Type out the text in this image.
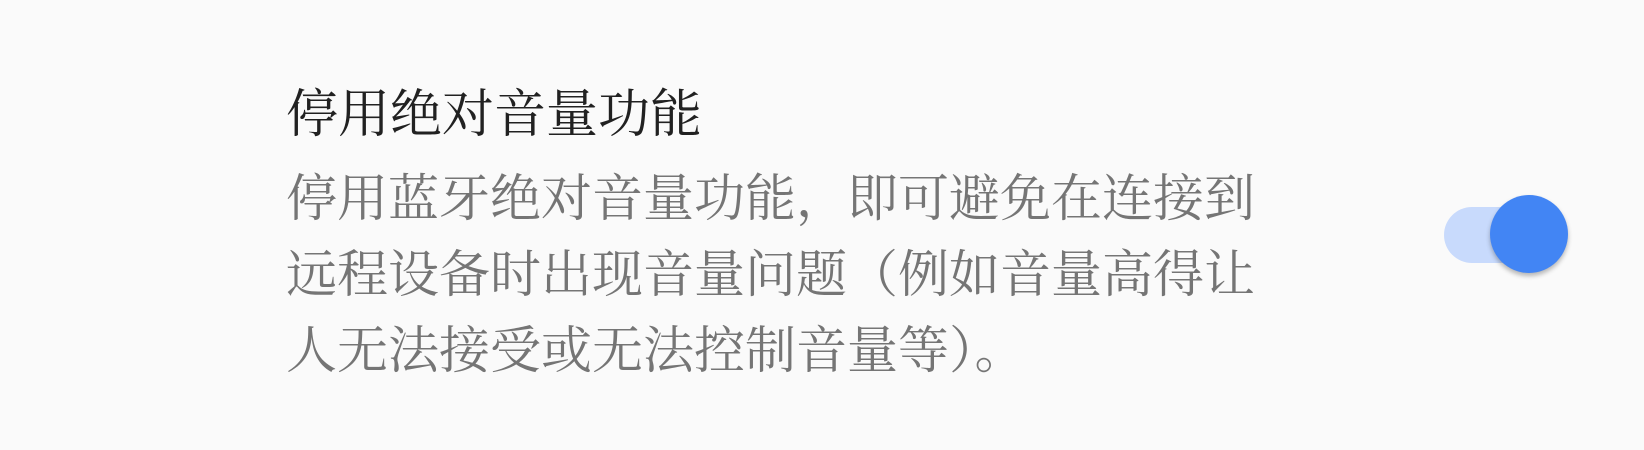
停用绝对音量功能
停用蓝牙绝对音量功能，即可避免在连接到远程设备时出现音量问题（例如音量高得让人无法接受或无法控制音量等）。
